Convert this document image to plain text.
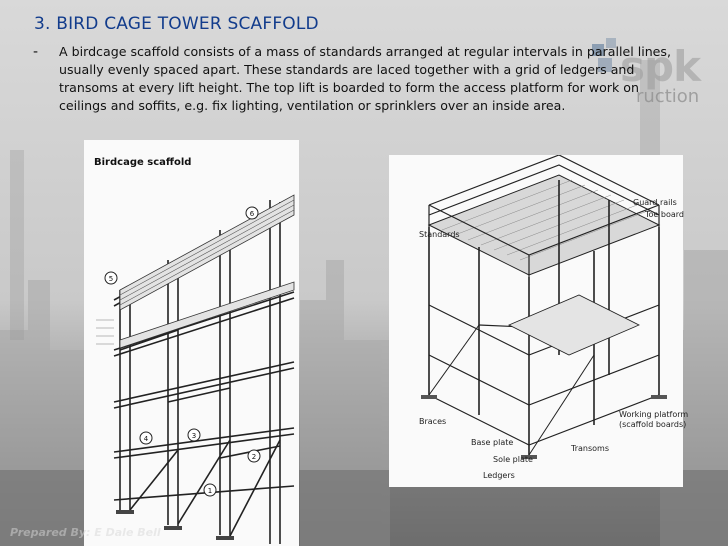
spk
ruction
3. BIRD CAGE TOWER SCAFFOLD
- A birdcage scaffold consists of a mass of standards arranged at regular intervals in parallel lines, usually evenly spaced apart. These standards are laced together with a grid of ledgers and transoms at every lift height. The top lift is boarded to form the access platform for work on ceilings and soffits, e.g. fix lighting, ventilation or sprinklers over an inside area.

Birdcage scaffold
6
5
4	3
2
1
Standards
Guard rails
Toe board
Braces
Working platform
(scaffold boards)
Base plate
Sole plate
Transoms
Ledgers
Prepared By: E Dale Bell
